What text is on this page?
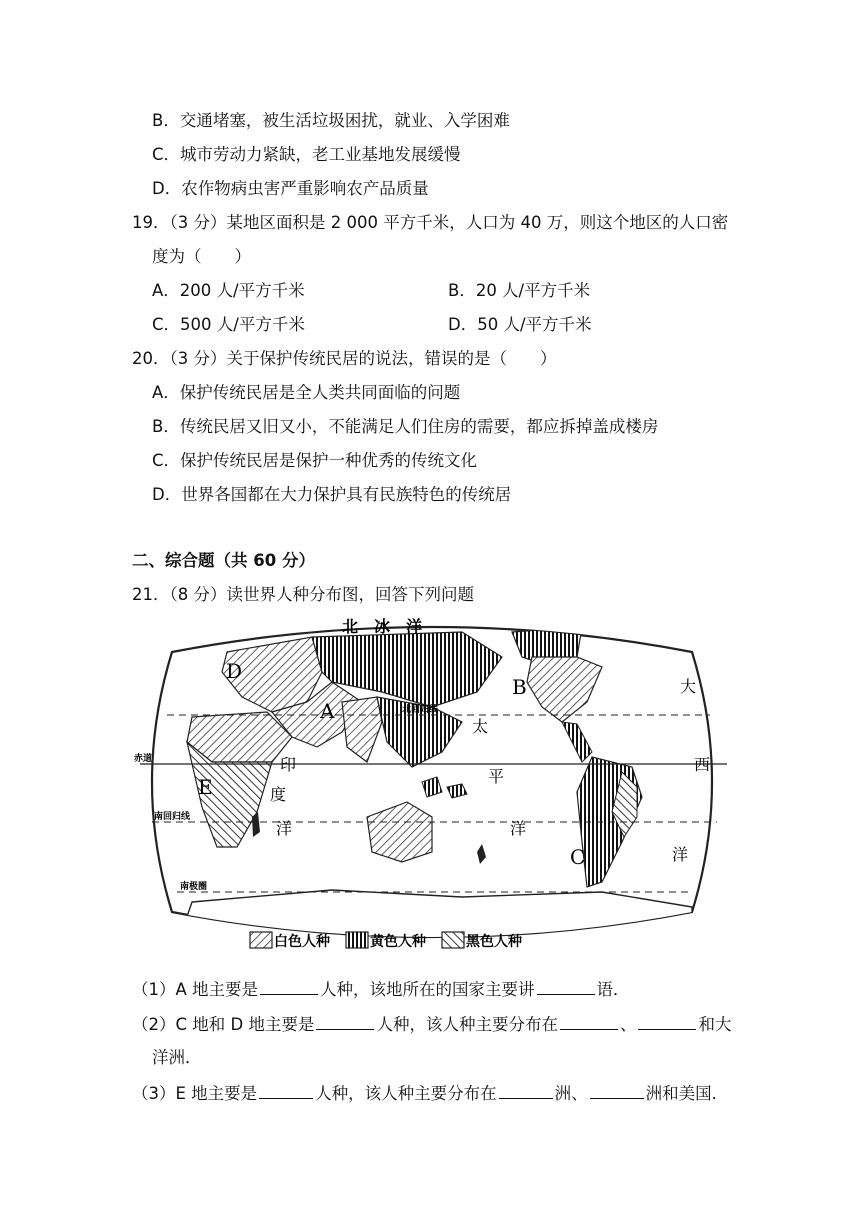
B．交通堵塞，被生活垃圾困扰，就业、入学困难
C．城市劳动力紧缺，老工业基地发展缓慢
D．农作物病虫害严重影响农产品质量
19．（3 分）某地区面积是 2 000 平方千米，人口为 40 万，则这个地区的人口密
度为（　　）
A．200 人/平方千米	B．20 人/平方千米
C．500 人/平方千米	D．50 人/平方千米
20．（3 分）关于保护传统民居的说法，错误的是（　　）
A．保护传统民居是全人类共同面临的问题
B．传统民居又旧又小，不能满足人们住房的需要，都应拆掉盖成楼房
C．保护传统民居是保护一种优秀的传统文化
D．世界各国都在大力保护具有民族特色的传统居
二、综合题（共 60 分）
21．（8 分）读世界人种分布图，回答下列问题
北回归线
赤道
南回归线
南极圈
北　冰　洋
太
平
洋
印
度
洋
大
西
洋
A
B
C
D
E
白色人种	黄色人种	黑色人种
（1）A 地主要是	人种，该地所在的国家主要讲	语．
（2）C 地和 D 地主要是	人种，该人种主要分布在	、	和大
洋洲．
（3）E 地主要是	人种，该人种主要分布在	洲、	洲和美国．
